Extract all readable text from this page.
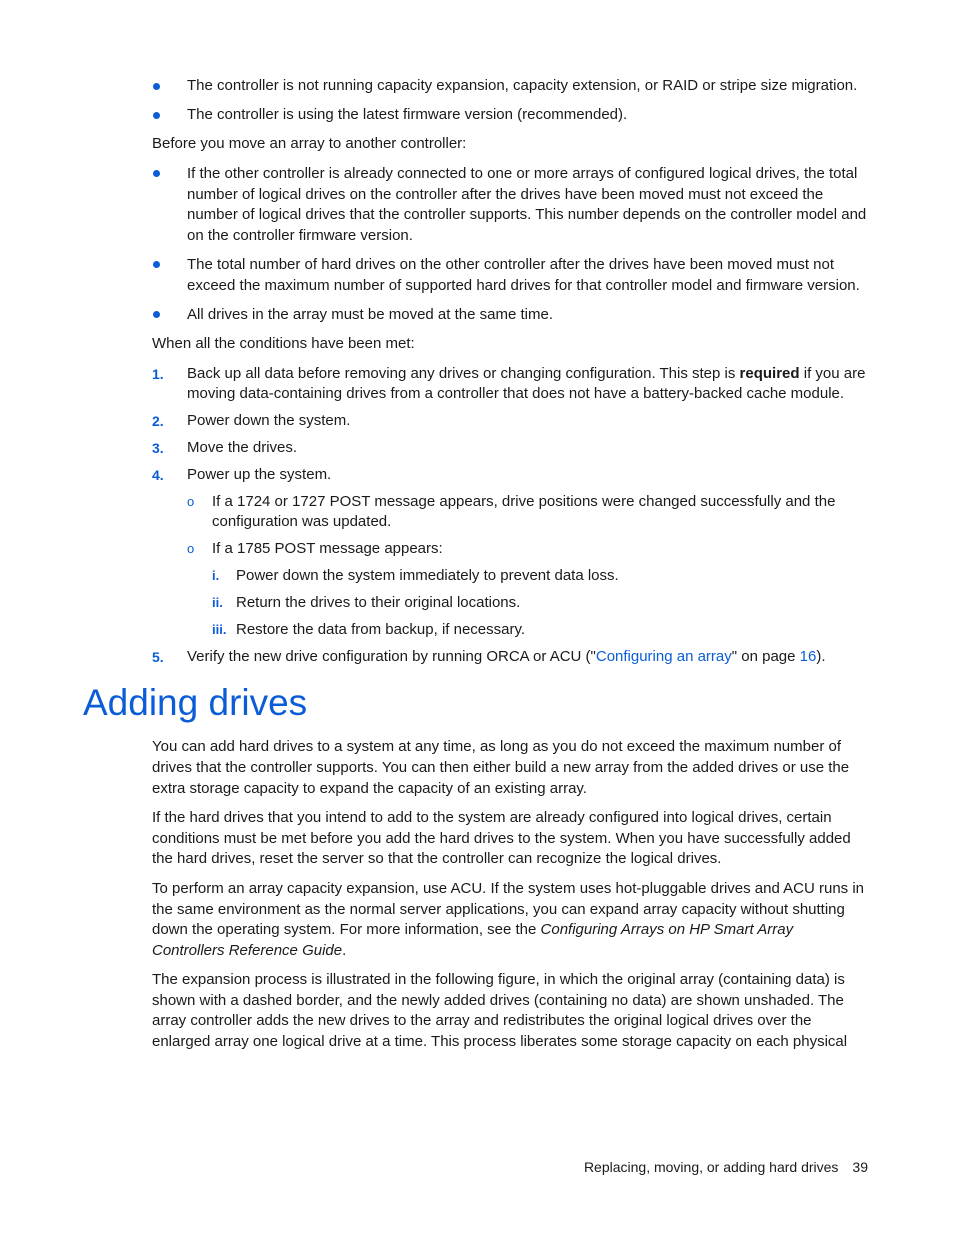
The controller is not running capacity expansion, capacity extension, or RAID or stripe size migration.
The controller is using the latest firmware version (recommended).

Before you move an array to another controller:

If the other controller is already connected to one or more arrays of configured logical drives, the total number of logical drives on the controller after the drives have been moved must not exceed the number of logical drives that the controller supports. This number depends on the controller model and on the controller firmware version.
The total number of hard drives on the other controller after the drives have been moved must not exceed the maximum number of supported hard drives for that controller model and firmware version.
All drives in the array must be moved at the same time.

When all the conditions have been met:

1. Back up all data before removing any drives or changing configuration. This step is required if you are moving data-containing drives from a controller that does not have a battery-backed cache module.
2. Power down the system.
3. Move the drives.
4. Power up the system.
o If a 1724 or 1727 POST message appears, drive positions were changed successfully and the configuration was updated.
o If a 1785 POST message appears:
i. Power down the system immediately to prevent data loss.
ii. Return the drives to their original locations.
iii. Restore the data from backup, if necessary.
5. Verify the new drive configuration by running ORCA or ACU ("Configuring an array" on page 16).
Adding drives

You can add hard drives to a system at any time, as long as you do not exceed the maximum number of drives that the controller supports. You can then either build a new array from the added drives or use the extra storage capacity to expand the capacity of an existing array.

If the hard drives that you intend to add to the system are already configured into logical drives, certain conditions must be met before you add the hard drives to the system. When you have successfully added the hard drives, reset the server so that the controller can recognize the logical drives.

To perform an array capacity expansion, use ACU. If the system uses hot-pluggable drives and ACU runs in the same environment as the normal server applications, you can expand array capacity without shutting down the operating system. For more information, see the Configuring Arrays on HP Smart Array Controllers Reference Guide.

The expansion process is illustrated in the following figure, in which the original array (containing data) is shown with a dashed border, and the newly added drives (containing no data) are shown unshaded. The array controller adds the new drives to the array and redistributes the original logical drives over the enlarged array one logical drive at a time. This process liberates some storage capacity on each physical

Replacing, moving, or adding hard drives 39
